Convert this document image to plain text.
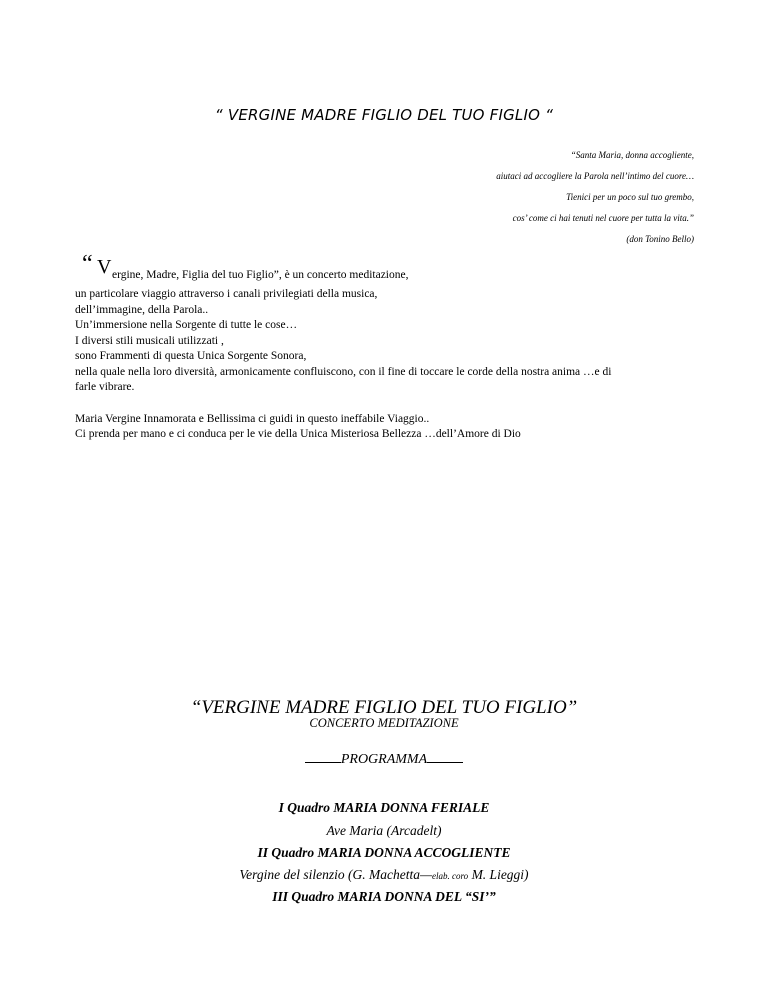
“ VERGINE MADRE FIGLIO DEL TUO FIGLIO “
“Santa Maria, donna accogliente,
aiutaci ad accogliere la Parola nell’intimo del cuore…
Tienici per un poco sul tuo grembo,
cos’ come ci hai tenuti nel cuore per tutta la vita.”
(don Tonino Bello)
“ V ergine, Madre, Figlia del tuo Figlio”, è un concerto meditazione,
un particolare viaggio attraverso i canali privilegiati della musica,
dell’immagine, della Parola..
Un’immersione nella Sorgente di tutte le cose…
I diversi stili musicali utilizzati ,
sono Frammenti di questa Unica Sorgente Sonora,
nella quale nella loro diversità, armonicamente confluiscono, con il fine di toccare le corde della nostra anima …e di
farle vibrare.
Maria Vergine Innamorata e Bellissima ci guidi in questo ineffabile Viaggio..
Ci prenda per mano e ci conduca per le vie della Unica Misteriosa Bellezza …dell’Amore di Dio
“VERGINE MADRE FIGLIO DEL TUO FIGLIO”
CONCERTO MEDITAZIONE
PROGRAMMA
I Quadro MARIA DONNA FERIALE
Ave Maria (Arcadelt)
II Quadro MARIA DONNA ACCOGLIENTE
Vergine del silenzio (G. Machetta—elab. coro M. Lieggi)
III Quadro MARIA DONNA DEL “SI’”
